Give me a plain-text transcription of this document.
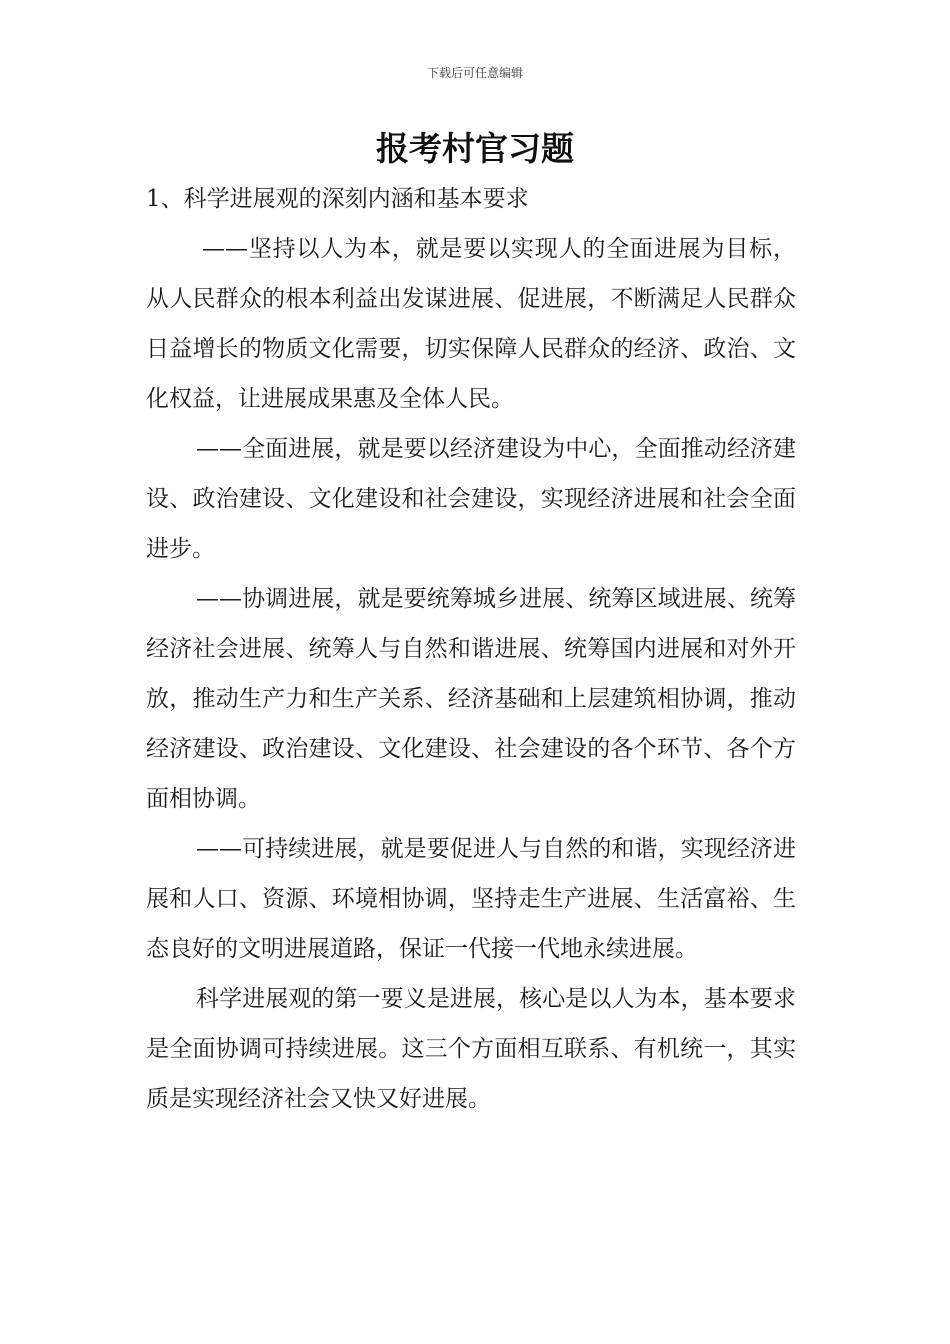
下载后可任意编辑
报考村官习题

1、科学进展观的深刻内涵和基本要求

——坚持以人为本，就是要以实现人的全面进展为目标，从人民群众的根本利益出发谋进展、促进展，不断满足人民群众日益增长的物质文化需要，切实保障人民群众的经济、政治、文化权益，让进展成果惠及全体人民。

——全面进展，就是要以经济建设为中心，全面推动经济建设、政治建设、文化建设和社会建设，实现经济进展和社会全面进步。

——协调进展，就是要统筹城乡进展、统筹区域进展、统筹经济社会进展、统筹人与自然和谐进展、统筹国内进展和对外开放，推动生产力和生产关系、经济基础和上层建筑相协调，推动经济建设、政治建设、文化建设、社会建设的各个环节、各个方面相协调。

——可持续进展，就是要促进人与自然的和谐，实现经济进展和人口、资源、环境相协调，坚持走生产进展、生活富裕、生态良好的文明进展道路，保证一代接一代地永续进展。

科学进展观的第一要义是进展，核心是以人为本，基本要求是全面协调可持续进展。这三个方面相互联系、有机统一，其实质是实现经济社会又快又好进展。
